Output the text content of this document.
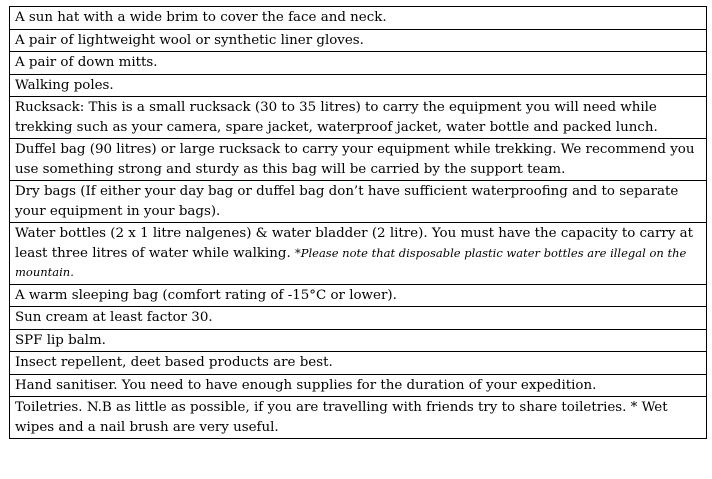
A sun hat with a wide brim to cover the face and neck.
A pair of lightweight wool or synthetic liner gloves.
A pair of down mitts.
Walking poles.
Rucksack: This is a small rucksack (30 to 35 litres) to carry the equipment you will need while trekking such as your camera, spare jacket, waterproof jacket, water bottle and packed lunch.
Duffel bag (90 litres) or large rucksack to carry your equipment while trekking. We recommend you use something strong and sturdy as this bag will be carried by the support team.
Dry bags (If either your day bag or duffel bag don’t have sufficient waterproofing and to separate your equipment in your bags).
Water bottles (2 x 1 litre nalgenes) & water bladder (2 litre). You must have the capacity to carry at least three litres of water while walking. *Please note that disposable plastic water bottles are illegal on the mountain.
A warm sleeping bag (comfort rating of -15°C or lower).
Sun cream at least factor 30.
SPF lip balm.
Insect repellent, deet based products are best.
Hand sanitiser. You need to have enough supplies for the duration of your expedition.
Toiletries. N.B as little as possible, if you are travelling with friends try to share toiletries. * Wet wipes and a nail brush are very useful.
